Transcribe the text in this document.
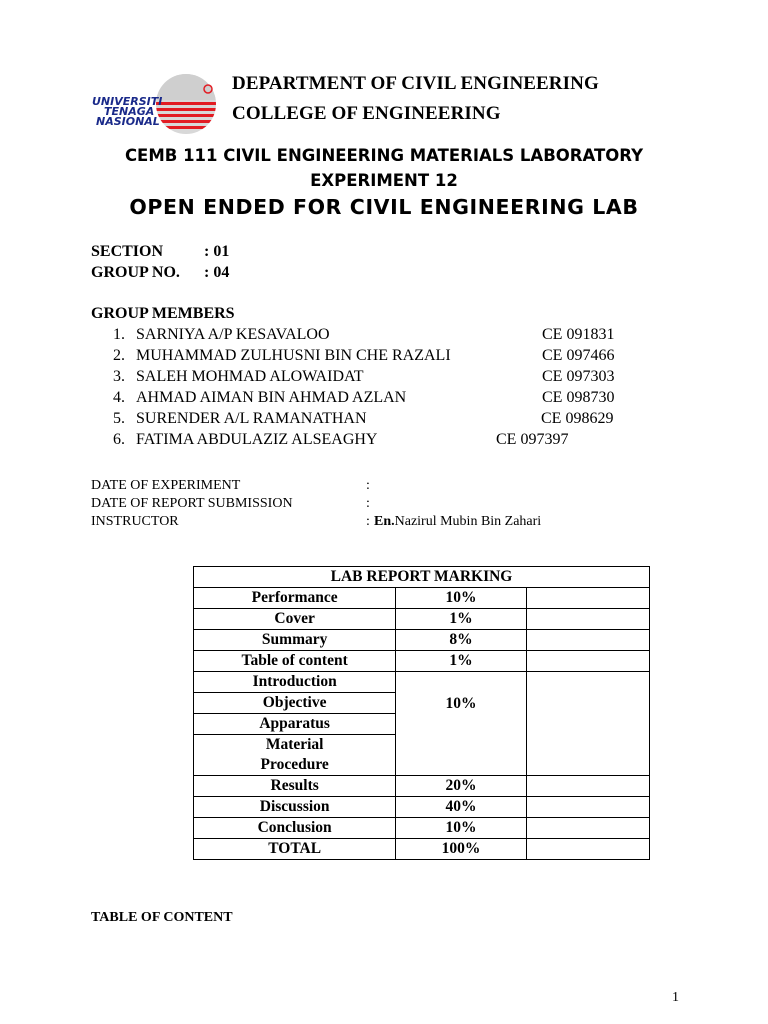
UNIVERSITI
TENAGA
NASIONAL
DEPARTMENT OF CIVIL ENGINEERING
COLLEGE OF ENGINEERING
CEMB 111 CIVIL ENGINEERING MATERIALS LABORATORY
EXPERIMENT 12
OPEN ENDED FOR CIVIL ENGINEERING LAB
SECTION	: 01
GROUP NO. : 04
GROUP MEMBERS
1. SARNIYA A/P KESAVALOO	CE 091831
2. MUHAMMAD ZULHUSNI BIN CHE RAZALI	CE 097466
3. SALEH MOHMAD ALOWAIDAT	CE 097303
4. AHMAD AIMAN BIN AHMAD AZLAN	CE 098730
5. SURENDER A/L RAMANATHAN	CE 098629
6. FATIMA ABDULAZIZ ALSEAGHY	CE 097397
DATE OF EXPERIMENT	:
DATE OF REPORT SUBMISSION	:
INSTRUCTOR	: En.Nazirul Mubin Bin Zahari
LAB REPORT MARKING		
Performance	10%	
Cover	1%	
Summary	8%	
Table of content	1%	
Introduction	10%	
Objective		
Apparatus		
Material		
Procedure		
Results	20%	
Discussion	40%	
Conclusion	10%	
TOTAL	100%	
TABLE OF CONTENT
1
